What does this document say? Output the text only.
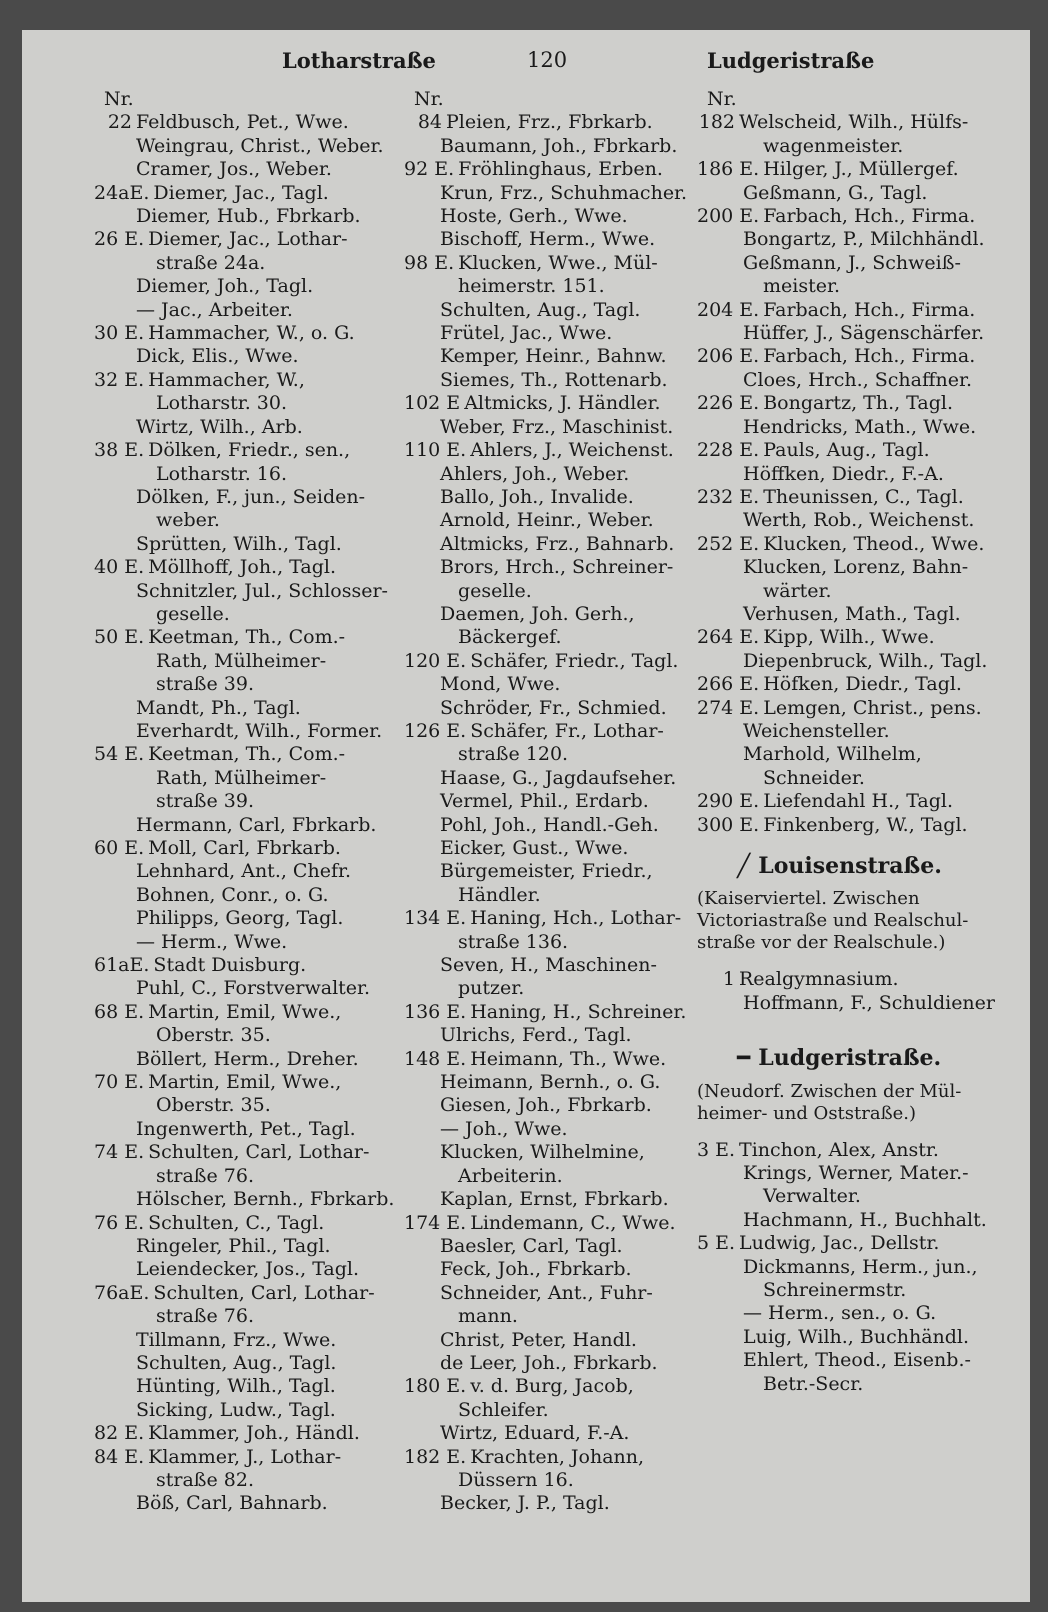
Lotharstraße	120	Ludgeristraße
Nr.
22 Feldbusch, Pet., Wwe.
Weingrau, Christ., Weber.
Cramer, Jos., Weber.
24aE. Diemer, Jac., Tagl.
Diemer, Hub., Fbrkarb.
26 E. Diemer, Jac., Lothar-
straße 24a.
Diemer, Joh., Tagl.
— Jac., Arbeiter.
30 E. Hammacher, W., o. G.
Dick, Elis., Wwe.
32 E. Hammacher, W.,
Lotharstr. 30.
Wirtz, Wilh., Arb.
38 E. Dölken, Friedr., sen.,
Lotharstr. 16.
Dölken, F., jun., Seiden-
weber.
Sprütten, Wilh., Tagl.
40 E. Möllhoff, Joh., Tagl.
Schnitzler, Jul., Schlosser-
geselle.
50 E. Keetman, Th., Com.-
Rath, Mülheimer-
straße 39.
Mandt, Ph., Tagl.
Everhardt, Wilh., Former.
54 E. Keetman, Th., Com.-
Rath, Mülheimer-
straße 39.
Hermann, Carl, Fbrkarb.
60 E. Moll, Carl, Fbrkarb.
Lehnhard, Ant., Chefr.
Bohnen, Conr., o. G.
Philipps, Georg, Tagl.
— Herm., Wwe.
61aE. Stadt Duisburg.
Puhl, C., Forstverwalter.
68 E. Martin, Emil, Wwe.,
Oberstr. 35.
Böllert, Herm., Dreher.
70 E. Martin, Emil, Wwe.,
Oberstr. 35.
Ingenwerth, Pet., Tagl.
74 E. Schulten, Carl, Lothar-
straße 76.
Hölscher, Bernh., Fbrkarb.
76 E. Schulten, C., Tagl.
Ringeler, Phil., Tagl.
Leiendecker, Jos., Tagl.
76aE. Schulten, Carl, Lothar-
straße 76.
Tillmann, Frz., Wwe.
Schulten, Aug., Tagl.
Hünting, Wilh., Tagl.
Sicking, Ludw., Tagl.
82 E. Klammer, Joh., Händl.
84 E. Klammer, J., Lothar-
straße 82.
Böß, Carl, Bahnarb.
Nr.
84 Pleien, Frz., Fbrkarb.
Baumann, Joh., Fbrkarb.
92 E. Fröhlinghaus, Erben.
Krun, Frz., Schuhmacher.
Hoste, Gerh., Wwe.
Bischoff, Herm., Wwe.
98 E. Klucken, Wwe., Mül-
heimerstr. 151.
Schulten, Aug., Tagl.
Frütel, Jac., Wwe.
Kemper, Heinr., Bahnw.
Siemes, Th., Rottenarb.
102 E Altmicks, J. Händler.
Weber, Frz., Maschinist.
110 E. Ahlers, J., Weichenst.
Ahlers, Joh., Weber.
Ballo, Joh., Invalide.
Arnold, Heinr., Weber.
Altmicks, Frz., Bahnarb.
Brors, Hrch., Schreiner-
geselle.
Daemen, Joh. Gerh.,
Bäckergef.
120 E. Schäfer, Friedr., Tagl.
Mond, Wwe.
Schröder, Fr., Schmied.
126 E. Schäfer, Fr., Lothar-
straße 120.
Haase, G., Jagdaufseher.
Vermel, Phil., Erdarb.
Pohl, Joh., Handl.-Geh.
Eicker, Gust., Wwe.
Bürgemeister, Friedr.,
Händler.
134 E. Haning, Hch., Lothar-
straße 136.
Seven, H., Maschinen-
putzer.
136 E. Haning, H., Schreiner.
Ulrichs, Ferd., Tagl.
148 E. Heimann, Th., Wwe.
Heimann, Bernh., o. G.
Giesen, Joh., Fbrkarb.
— Joh., Wwe.
Klucken, Wilhelmine,
Arbeiterin.
Kaplan, Ernst, Fbrkarb.
174 E. Lindemann, C., Wwe.
Baesler, Carl, Tagl.
Feck, Joh., Fbrkarb.
Schneider, Ant., Fuhr-
mann.
Christ, Peter, Handl.
de Leer, Joh., Fbrkarb.
180 E. v. d. Burg, Jacob,
Schleifer.
Wirtz, Eduard, F.-A.
182 E. Krachten, Johann,
Düssern 16.
Becker, J. P., Tagl.
Nr.
182 Welscheid, Wilh., Hülfs-
wagenmeister.
186 E. Hilger, J., Müllergef.
Geßmann, G., Tagl.
200 E. Farbach, Hch., Firma.
Bongartz, P., Milchhändl.
Geßmann, J., Schweiß-
meister.
204 E. Farbach, Hch., Firma.
Hüffer, J., Sägenschärfer.
206 E. Farbach, Hch., Firma.
Cloes, Hrch., Schaffner.
226 E. Bongartz, Th., Tagl.
Hendricks, Math., Wwe.
228 E. Pauls, Aug., Tagl.
Höffken, Diedr., F.-A.
232 E. Theunissen, C., Tagl.
Werth, Rob., Weichenst.
252 E. Klucken, Theod., Wwe.
Klucken, Lorenz, Bahn-
wärter.
Verhusen, Math., Tagl.
264 E. Kipp, Wilh., Wwe.
Diepenbruck, Wilh., Tagl.
266 E. Höfken, Diedr., Tagl.
274 E. Lemgen, Christ., pens.
Weichensteller.
Marhold, Wilhelm,
Schneider.
290 E. Liefendahl H., Tagl.
300 E. Finkenberg, W., Tagl.
╱ Louisenstraße.
(Kaiserviertel. Zwischen Victoriastraße und Realschul-straße vor der Realschule.)
1 Realgymnasium.
Hoffmann, F., Schuldiener
━ Ludgeristraße.
(Neudorf. Zwischen der Mül-heimer- und Oststraße.)
3 E. Tinchon, Alex, Anstr.
Krings, Werner, Mater.-
Verwalter.
Hachmann, H., Buchhalt.
5 E. Ludwig, Jac., Dellstr.
Dickmanns, Herm., jun.,
Schreinermstr.
— Herm., sen., o. G.
Luig, Wilh., Buchhändl.
Ehlert, Theod., Eisenb.-
Betr.-Secr.
